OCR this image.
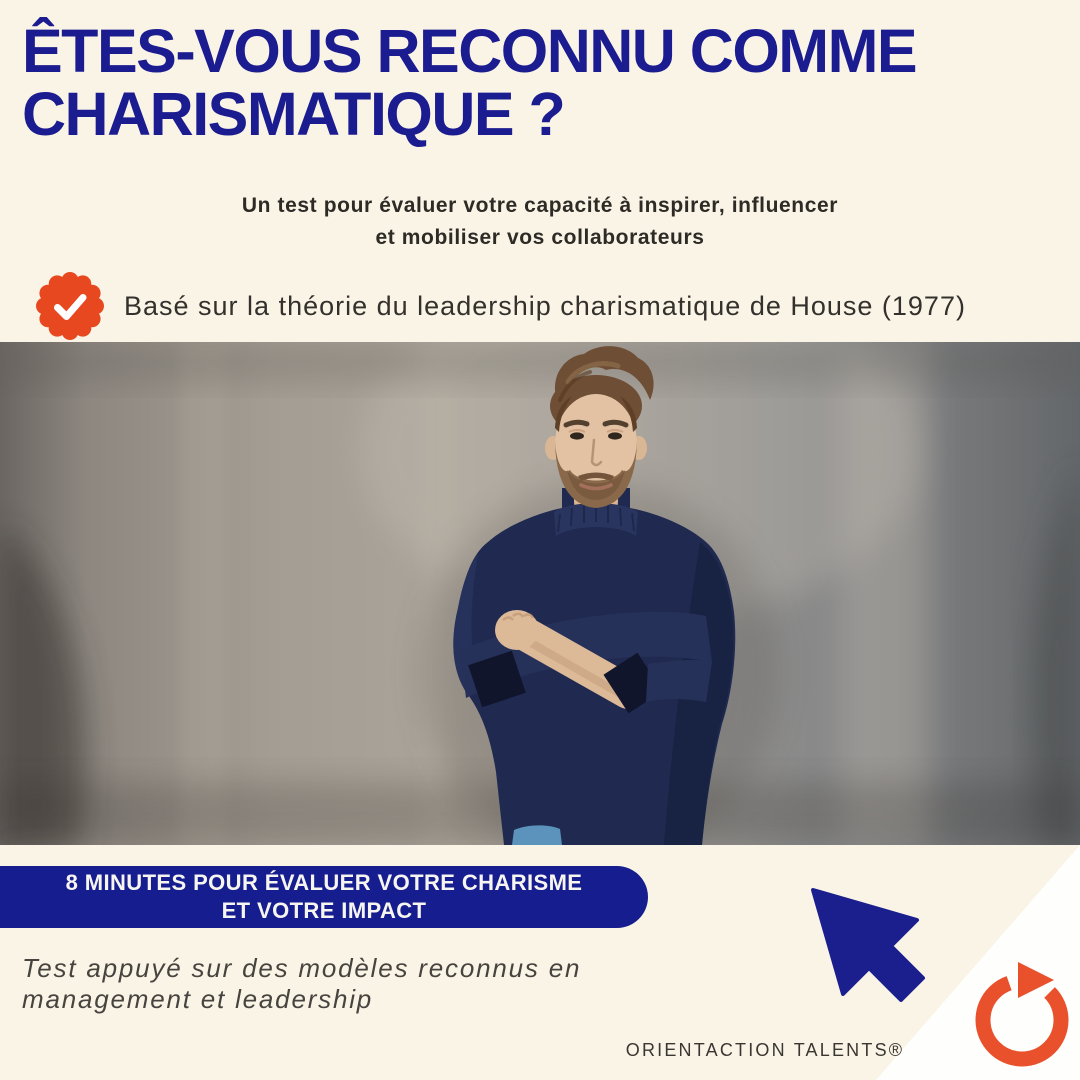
ÊTES-VOUS RECONNU COMME
CHARISMATIQUE ?
Un test pour évaluer votre capacité à inspirer, influencer
et mobiliser vos collaborateurs
Basé sur la théorie du leadership charismatique de House (1977)
8 MINUTES POUR ÉVALUER VOTRE CHARISME
ET VOTRE IMPACT
Test appuyé sur des modèles reconnus en
management et leadership
ORIENTACTION TALENTS®
